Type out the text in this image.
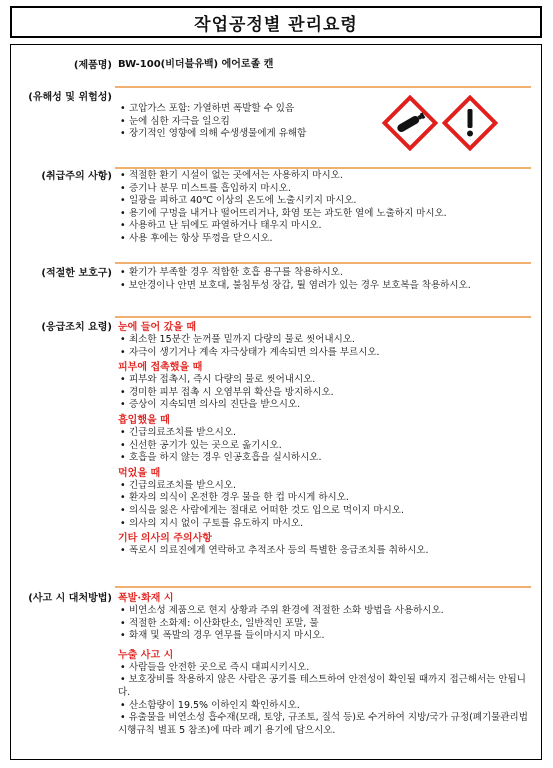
작업공정별 관리요령
(제품명) BW-100(비더블유백) 에어로졸 캔
(유해성 및 위험성)
• 고압가스 포함: 가열하면 폭발할 수 있음
• 눈에 심한 자극을 일으킴
• 장기적인 영향에 의해 수생생물에게 유해함
(취급주의 사항)	• 적절한 환기 시설이 없는 곳에서는 사용하지 마시오.
• 증기나 분무 미스트를 흡입하지 마시오.
• 일광을 피하고 40℃ 이상의 온도에 노출시키지 마시오.
• 용기에 구멍을 내거나 떨어뜨리거나, 화염 또는 과도한 열에 노출하지 마시오.
• 사용하고 난 뒤에도 파열하거나 태우지 마시오.
• 사용 후에는 항상 뚜껑을 닫으시오.
(적절한 보호구)	• 환기가 부족할 경우 적합한 호흡 용구를 착용하시오.
• 보안경이나 안면 보호대, 불침투성 장갑, 튈 염려가 있는 경우 보호복을 착용하시오.
(응급조치 요령) 눈에 들어 갔을 때
• 최소한 15분간 눈꺼풀 밑까지 다량의 물로 씻어내시오.
• 자극이 생기거나 계속 자극상태가 계속되면 의사를 부르시오.
피부에 접촉했을 때
• 피부와 접촉시, 즉시 다량의 물로 씻어내시오.
• 경미한 피부 접촉 시 오염부위 확산을 방지하시오.
• 증상이 지속되면 의사의 진단을 받으시오.
흡입했을 때
• 긴급의료조치를 받으시오.
• 신선한 공기가 있는 곳으로 옮기시오.
• 호흡을 하지 않는 경우 인공호흡을 실시하시오.
먹었을 때
• 긴급의료조치를 받으시오.
• 환자의 의식이 온전한 경우 물을 한 컵 마시게 하시오.
• 의식을 잃은 사람에게는 절대로 어떠한 것도 입으로 먹이지 마시오.
• 의사의 지시 없이 구토를 유도하지 마시오.
기타 의사의 주의사항
• 폭로시 의료진에게 연락하고 추적조사 등의 특별한 응급조치를 취하시오.
(사고 시 대처방법) 폭발·화재 시
• 비연소성 제품으로 현지 상황과 주위 환경에 적절한 소화 방법을 사용하시오.
• 적절한 소화제: 이산화탄소, 일반적인 포말, 물
• 화재 및 폭발의 경우 연무를 들이마시지 마시오.
누출 사고 시
• 사람들을 안전한 곳으로 즉시 대피시키시오.
• 보호장비를 착용하지 않은 사람은 공기를 테스트하여 안전성이 확인될 때까지 접근해서는 안됩니다.
• 산소함량이 19.5% 이하인지 확인하시오.
• 유출물을 비연소성 흡수재(모래, 토양, 규조토, 질석 등)로 수거하여 지방/국가 규정(폐기물관리법 시행규칙 별표 5 참조)에 따라 폐기 용기에 담으시오.
